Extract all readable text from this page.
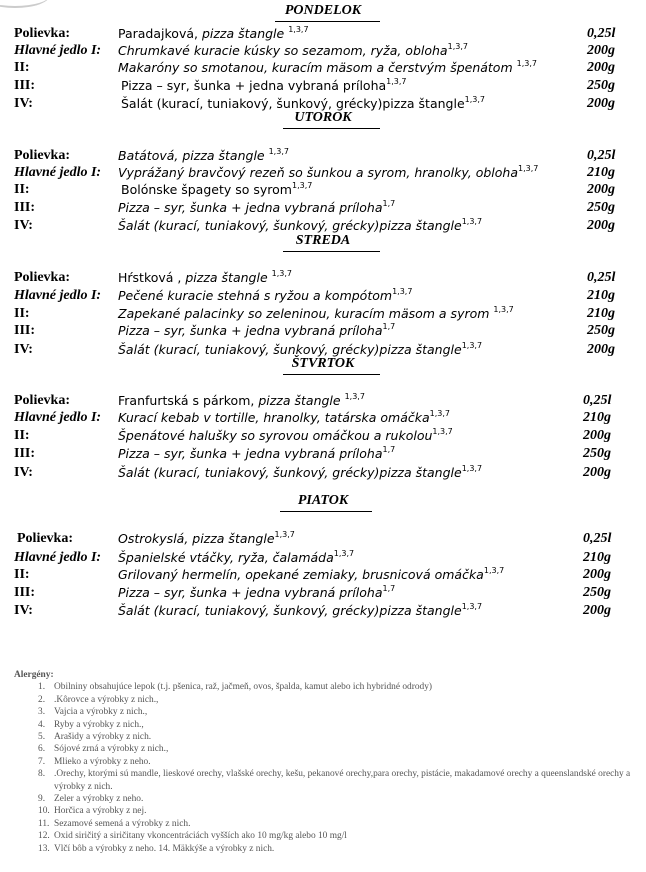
PONDELOK
Polievka:	Paradajková, pizza štangle $^{1,3,7}$	0,25l
Hlavné jedlo I: Chrumkavé kuracie kúsky so sezamom, ryža, obloha$^{1,3,7}$	200g
II:	Makaróny so smotanou, kuracím mäsom a čerstvým špenátom $^{1,3,7}$	200g
III:	Pizza – syr, šunka + jedna vybraná príloha$^{1,3,7}$	250g
IV:	Šalát (kurací, tuniakový, šunkový, grécky)pizza štangle$^{1,3,7}$	200g
UTOROK
Polievka:	Batátová, pizza štangle $^{1,3,7}$	0,25l
Hlavné jedlo I: Vyprážaný bravčový rezeň so šunkou a syrom, hranolky, obloha$^{1,3,7}$	210g
II:	Bolónske špagety so syrom$^{1,3,7}$	200g
III:	Pizza – syr, šunka + jedna vybraná príloha$^{1,7}$	250g
IV:	Šalát (kurací, tuniakový, šunkový, grécky)pizza štangle$^{1,3,7}$	200g
STREDA
Polievka:	Hŕstková , pizza štangle $^{1,3,7}$	0,25l
Hlavné jedlo I: Pečené kuracie stehná s ryžou a kompótom$^{1,3,7}$	210g
II:	Zapekané palacinky so zeleninou, kuracím mäsom a syrom $^{1,3,7}$	210g
III:	Pizza – syr, šunka + jedna vybraná príloha$^{1,7}$	250g
IV:	Šalát (kurací, tuniakový, šunkový, grécky)pizza štangle$^{1,3,7}$	200g
ŠTVRTOK
Polievka:	Franfurtská s párkom, pizza štangle $^{1,3,7}$	0,25l
Hlavné jedlo I: Kurací kebab v tortille, hranolky, tatárska omáčka$^{1,3,7}$	210g
II:	Špenátové halušky so syrovou omáčkou a rukolou$^{1,3,7}$	200g
III:	Pizza – syr, šunka + jedna vybraná príloha$^{1,7}$	250g
IV:	Šalát (kurací, tuniakový, šunkový, grécky)pizza štangle$^{1,3,7}$	200g
PIATOK
Polievka:	Ostrokyslá, pizza štangle$^{1,3,7}$	0,25l
Hlavné jedlo I: Španielské vtáčky, ryža, čalamáda$^{1,3,7}$	210g
II:	Grilovaný hermelín, opekané zemiaky, brusnicová omáčka$^{1,3,7}$	200g
III:	Pizza – syr, šunka + jedna vybraná príloha$^{1,7}$	250g
IV:	Šalát (kurací, tuniakový, šunkový, grécky)pizza štangle$^{1,3,7}$	200g
Alergény:
1. Obilniny obsahujúce lepok (t.j. pšenica, raž, jačmeň, ovos, špalda, kamut alebo ich hybridné odrody)
2. .Kôrovce a výrobky z nich.,
3. Vajcia a výrobky z nich.,
4. Ryby a výrobky z nich.,
5. Arašidy a výrobky z nich.
6. Sójové zrná a výrobky z nich.,
7. Mlieko a výrobky z neho.
8. .Orechy, ktorými sú mandle, lieskové orechy, vlašské orechy, kešu, pekanové orechy,para orechy, pistácie, makadamové orechy a queenslandské orechy a výrobky z nich.
9. Zeler a výrobky z neho.
10. Horčica a výrobky z nej.
11. Sezamové semená a výrobky z nich.
12. Oxid siričitý a siričitany vkoncentráciách vyšších ako 10 mg/kg alebo 10 mg/l
13. Vlčí bôb a výrobky z neho. 14. Mäkkýše a výrobky z nich.
